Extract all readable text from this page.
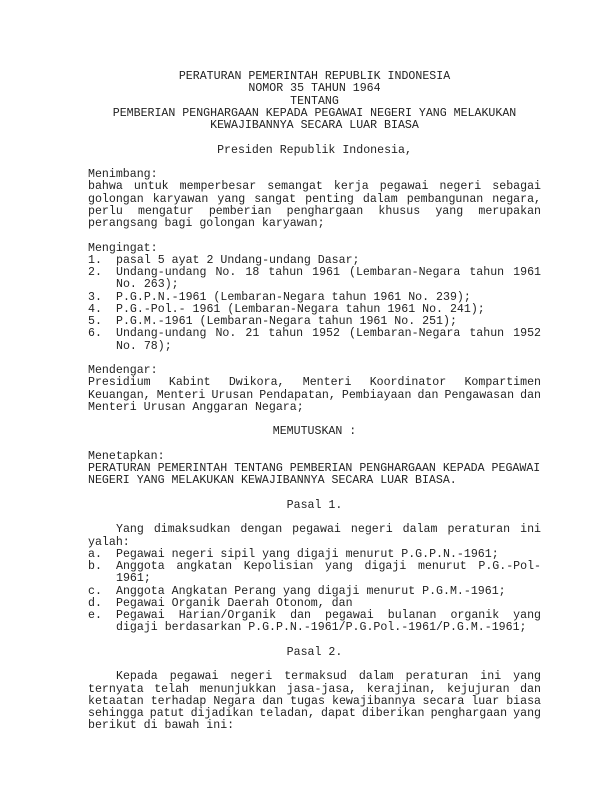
PERATURAN PEMERINTAH REPUBLIK INDONESIA
NOMOR 35 TAHUN 1964
TENTANG
PEMBERIAN PENGHARGAAN KEPADA PEGAWAI NEGERI YANG MELAKUKAN
KEWAJIBANNYA SECARA LUAR BIASA
Presiden Republik Indonesia,
Menimbang:
bahwa untuk memperbesar semangat kerja pegawai negeri sebagai
golongan karyawan yang sangat penting dalam pembangunan negara,
perlu mengatur pemberian penghargaan khusus yang merupakan
perangsang bagi golongan karyawan;
Mengingat:
1.	pasal 5 ayat 2 Undang-undang Dasar;
2.	Undang-undang No. 18 tahun 1961 (Lembaran-Negara tahun 1961
No. 263);
3.	P.G.P.N.-1961 (Lembaran-Negara tahun 1961 No. 239);
4.	P.G.-Pol.- 1961 (Lembaran-Negara tahun 1961 No. 241);
5.	P.G.M.-1961 (Lembaran-Negara tahun 1961 No. 251);
6.	Undang-undang No. 21 tahun 1952 (Lembaran-Negara tahun 1952
No. 78);
Mendengar:
Presidium Kabint Dwikora, Menteri Koordinator Kompartimen
Keuangan, Menteri Urusan Pendapatan, Pembiayaan dan Pengawasan dan
Menteri Urusan Anggaran Negara;
MEMUTUSKAN :
Menetapkan:
PERATURAN PEMERINTAH TENTANG PEMBERIAN PENGHARGAAN KEPADA PEGAWAI
NEGERI YANG MELAKUKAN KEWAJIBANNYA SECARA LUAR BIASA.
Pasal 1.
Yang dimaksudkan dengan pegawai negeri dalam peraturan ini
yalah:
a.	Pegawai negeri sipil yang digaji menurut P.G.P.N.-1961;
b.	Anggota angkatan Kepolisian yang digaji menurut P.G.-Pol-
1961;
c.	Anggota Angkatan Perang yang digaji menurut P.G.M.-1961;
d.	Pegawai Organik Daerah Otonom, dan
e.	Pegawai Harian/Organik dan pegawai bulanan organik yang
digaji berdasarkan P.G.P.N.-1961/P.G.Pol.-1961/P.G.M.-1961;
Pasal 2.
Kepada pegawai negeri termaksud dalam peraturan ini yang
ternyata telah menunjukkan jasa-jasa, kerajinan, kejujuran dan
ketaatan terhadap Negara dan tugas kewajibannya secara luar biasa
sehingga patut dijadikan teladan, dapat diberikan penghargaan yang
berikut di bawah ini:
